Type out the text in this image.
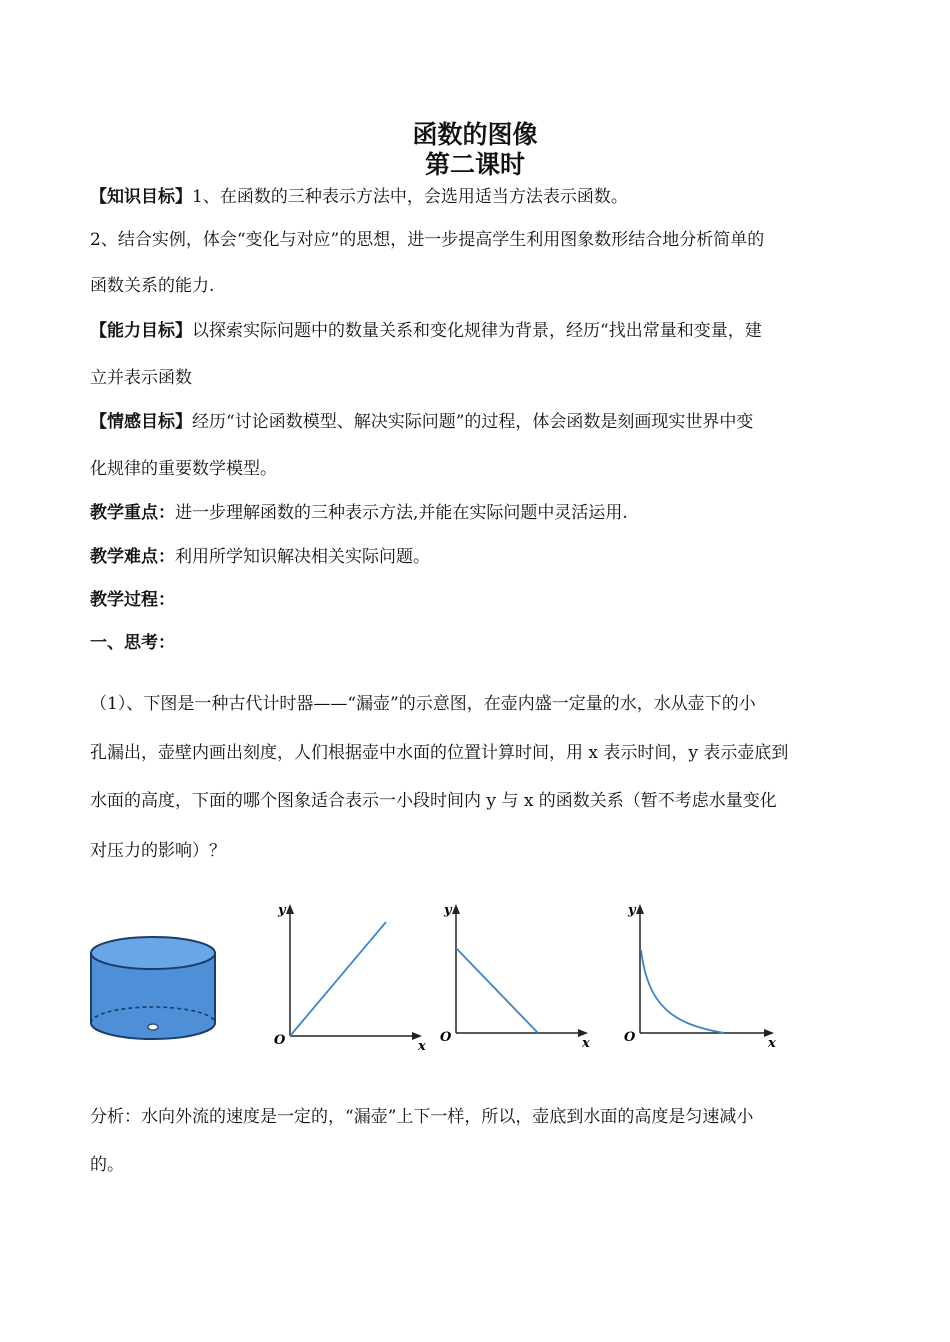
函数的图像
第二课时
【知识目标】1、在函数的三种表示方法中，会选用适当方法表示函数。
2、结合实例，体会“变化与对应”的思想，进一步提高学生利用图象数形结合地分析简单的
函数关系的能力.
【能力目标】以探索实际问题中的数量关系和变化规律为背景，经历“找出常量和变量，建
立并表示函数
【情感目标】经历“讨论函数模型、解决实际问题”的过程，体会函数是刻画现实世界中变
化规律的重要数学模型。
教学重点：进一步理解函数的三种表示方法,并能在实际问题中灵活运用.
教学难点：利用所学知识解决相关实际问题。
教学过程：
一、思考：
（1）、下图是一种古代计时器——“漏壶”的示意图，在壶内盛一定量的水，水从壶下的小
孔漏出，壶壁内画出刻度，人们根据壶中水面的位置计算时间，用 x 表示时间，y 表示壶底到
水面的高度，下面的哪个图象适合表示一小段时间内 y 与 x 的函数关系（暂不考虑水量变化
对压力的影响）？
y
O	x
y
O	x
y
O	x
分析：水向外流的速度是一定的，“漏壶”上下一样，所以，壶底到水面的高度是匀速减小
的。
